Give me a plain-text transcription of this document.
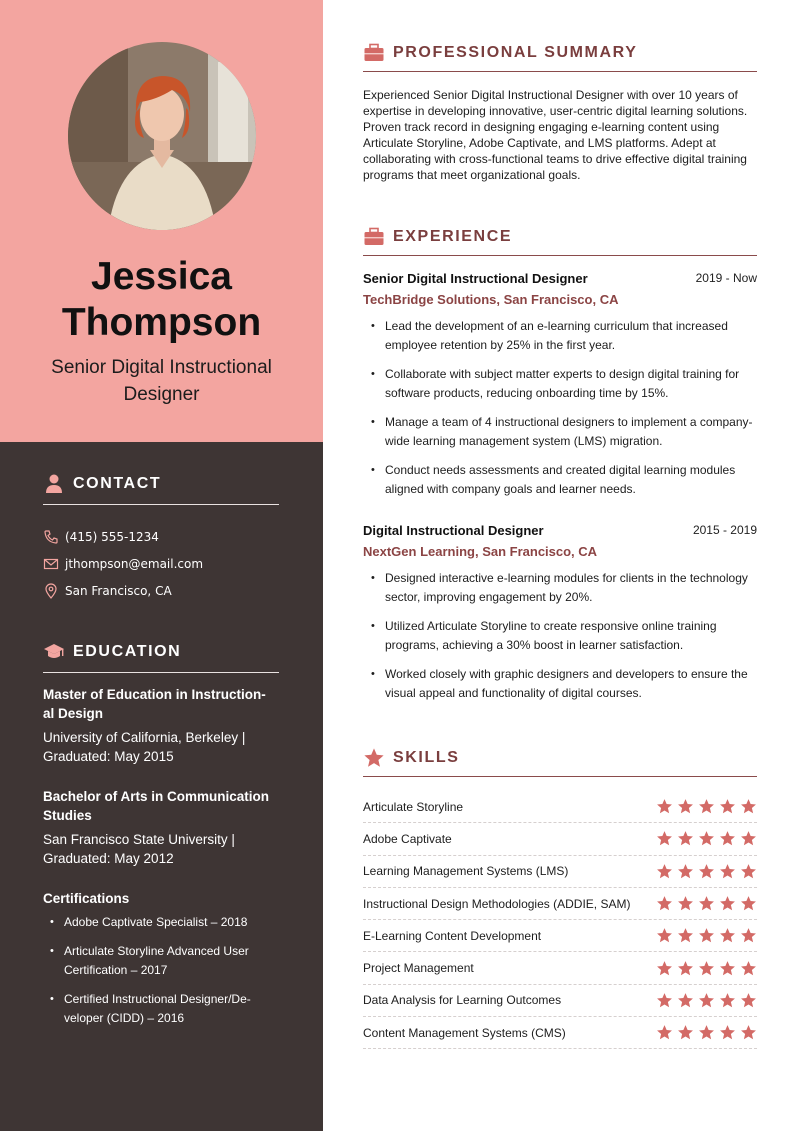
Jessica
Thompson
Senior Digital Instructional Designer
CONTACT
(415) 555-1234
jthompson@email.com
San Francisco, CA
EDUCATION
Master of Education in Instruction-
al Design
University of California, Berkeley |
Graduated: May 2015
Bachelor of Arts in Communication
Studies
San Francisco State University |
Graduated: May 2012
Certifications
• Adobe Captivate Specialist – 2018
• Articulate Storyline Advanced User Certification – 2017
• Certified Instructional Designer/De-veloper (CIDD) – 2016
PROFESSIONAL SUMMARY
Experienced Senior Digital Instructional Designer with over 10 years of expertise in developing innovative, user-centric digital learning solutions. Proven track record in designing engaging e-learning content using Articulate Storyline, Adobe Captivate, and LMS platforms. Adept at collaborating with cross-functional teams to drive effective digital training programs that meet organizational goals.
EXPERIENCE
Senior Digital Instructional Designer	2019 - Now
TechBridge Solutions, San Francisco, CA
• Lead the development of an e-learning curriculum that increased employee retention by 25% in the first year.
• Collaborate with subject matter experts to design digital training for software products, reducing onboarding time by 15%.
• Manage a team of 4 instructional designers to implement a company-wide learning management system (LMS) migration.
• Conduct needs assessments and created digital learning modules aligned with company goals and learner needs.
Digital Instructional Designer	2015 - 2019
NextGen Learning, San Francisco, CA
• Designed interactive e-learning modules for clients in the technology sector, improving engagement by 20%.
• Utilized Articulate Storyline to create responsive online training programs, achieving a 30% boost in learner satisfaction.
• Worked closely with graphic designers and developers to ensure the visual appeal and functionality of digital courses.
SKILLS
Articulate Storyline
Adobe Captivate
Learning Management Systems (LMS)
Instructional Design Methodologies (ADDIE, SAM)
E-Learning Content Development
Project Management
Data Analysis for Learning Outcomes
Content Management Systems (CMS)
